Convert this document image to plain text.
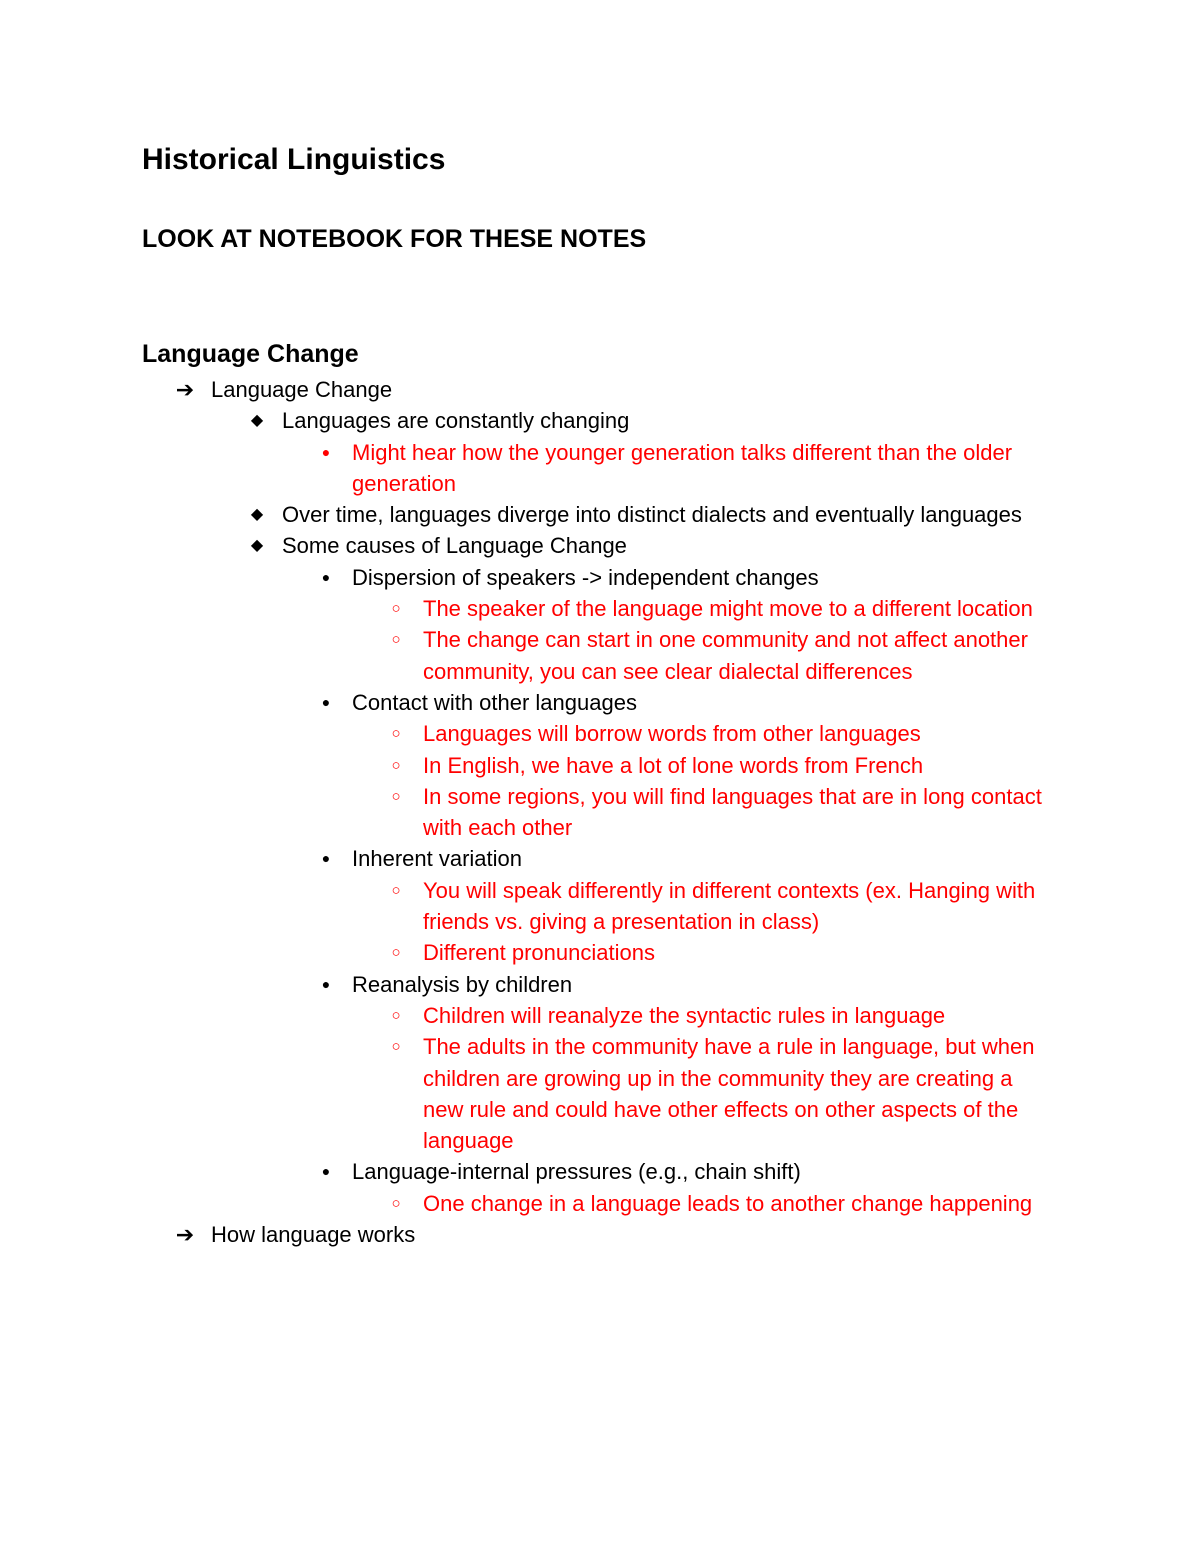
Historical Linguistics
LOOK AT NOTEBOOK FOR THESE NOTES
Language Change
➔ Language Change
◆ Languages are constantly changing
● Might hear how the younger generation talks different than the older generation
◆ Over time, languages diverge into distinct dialects and eventually languages
◆ Some causes of Language Change
● Dispersion of speakers -> independent changes
○	The speaker of the language might move to a different location
○	The change can start in one community and not affect another community, you can see clear dialectal differences
● Contact with other languages
○	Languages will borrow words from other languages
○	In English, we have a lot of lone words from French
○	In some regions, you will find languages that are in long contact with each other
● Inherent variation
○	You will speak differently in different contexts (ex. Hanging with friends vs. giving a presentation in class)
○	Different pronunciations
● Reanalysis by children
○	Children will reanalyze the syntactic rules in language
○	The adults in the community have a rule in language, but when children are growing up in the community they are creating a new rule and could have other effects on other aspects of the language
● Language-internal pressures (e.g., chain shift)
○	One change in a language leads to another change happening
➔ How language works
